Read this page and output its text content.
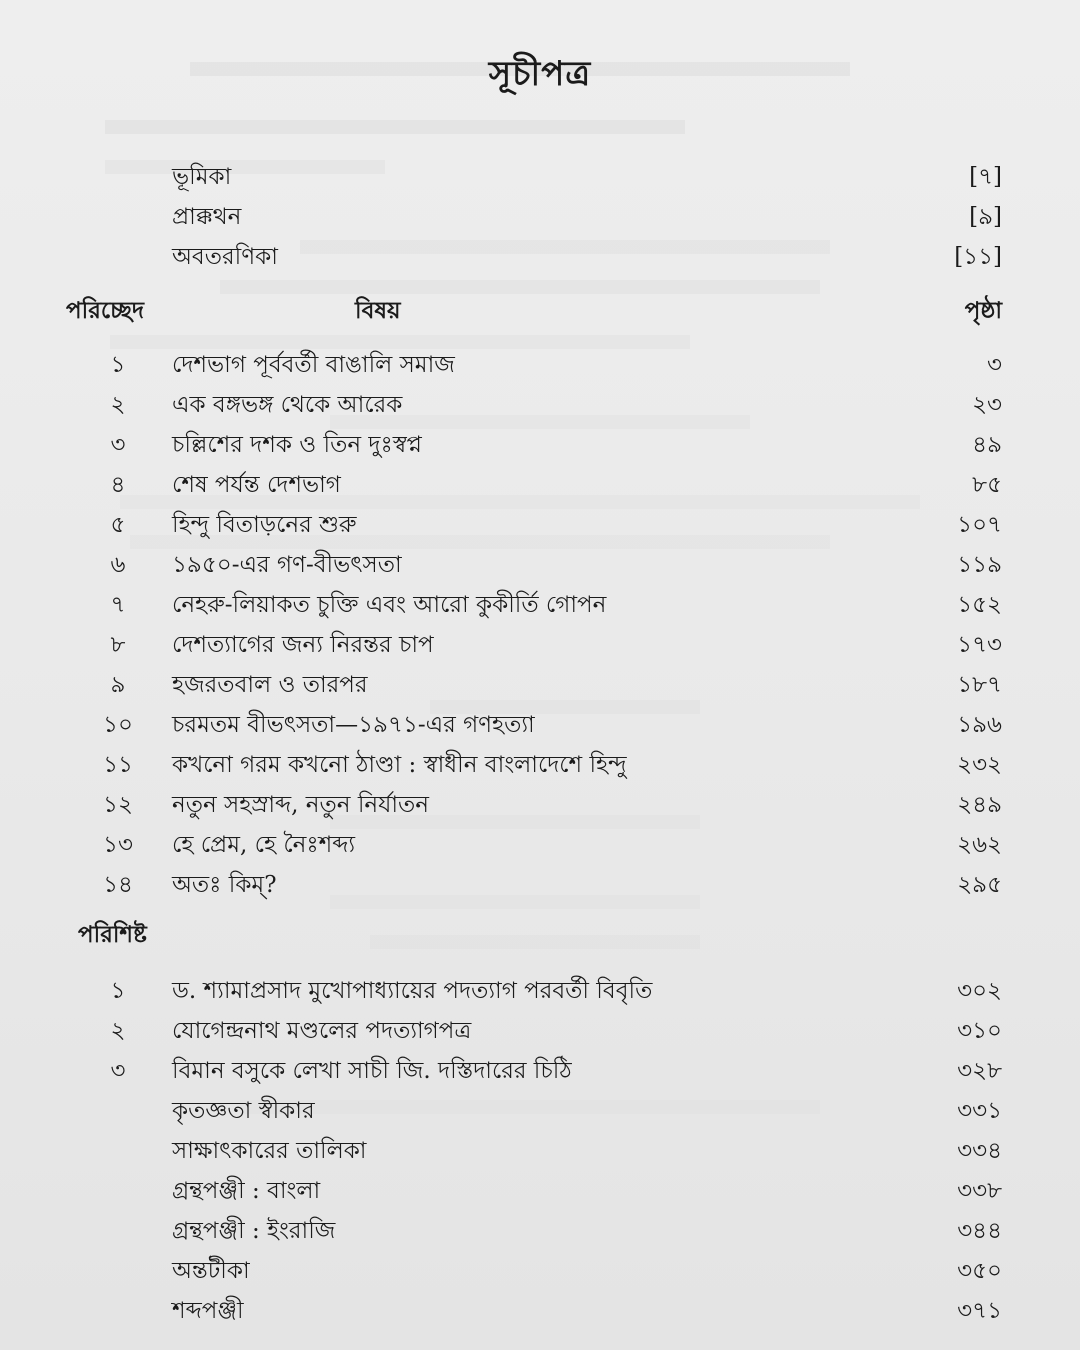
সূচীপত্র
ভূমিকা	[৭]
প্রাক্কথন	[৯]
অবতরণিকা	[১১]
পরিচ্ছেদ	বিষয়	পৃষ্ঠা
১	দেশভাগ পূর্ববর্তী বাঙালি সমাজ	৩
২	এক বঙ্গভঙ্গ থেকে আরেক	২৩
৩	চল্লিশের দশক ও তিন দুঃস্বপ্ন	৪৯
৪	শেষ পর্যন্ত দেশভাগ	৮৫
৫	হিন্দু বিতাড়নের শুরু	১০৭
৬	১৯৫০-এর গণ-বীভৎসতা	১১৯
৭	নেহরু-লিয়াকত চুক্তি এবং আরো কুকীর্তি গোপন	১৫২
৮	দেশত্যাগের জন্য নিরন্তর চাপ	১৭৩
৯	হজরতবাল ও তারপর	১৮৭
১০	চরমতম বীভৎসতা—১৯৭১-এর গণহত্যা	১৯৬
১১	কখনো গরম কখনো ঠাণ্ডা : স্বাধীন বাংলাদেশে হিন্দু	২৩২
১২	নতুন সহস্রাব্দ, নতুন নির্যাতন	২৪৯
১৩	হে প্রেম, হে নৈঃশব্দ্য	২৬২
১৪	অতঃ কিম্?	২৯৫
পরিশিষ্ট
১	ড. শ্যামাপ্রসাদ মুখোপাধ্যায়ের পদত্যাগ পরবর্তী বিবৃতি	৩০২
২	যোগেন্দ্রনাথ মণ্ডলের পদত্যাগপত্র	৩১০
৩	বিমান বসুকে লেখা সাচী জি. দস্তিদারের চিঠি	৩২৮
কৃতজ্ঞতা স্বীকার	৩৩১
সাক্ষাৎকারের তালিকা	৩৩৪
গ্রন্থপঞ্জী : বাংলা	৩৩৮
গ্রন্থপঞ্জী : ইংরাজি	৩৪৪
অন্তটীকা	৩৫০
শব্দপঞ্জী	৩৭১
